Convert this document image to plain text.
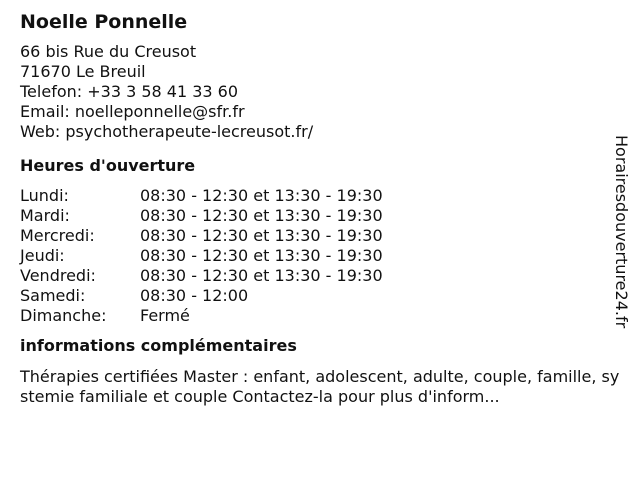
Noelle Ponnelle
66 bis Rue du Creusot
71670 Le Breuil
Telefon: +33 3 58 41 33 60
Email: noelleponnelle@sfr.fr
Web: psychotherapeute-lecreusot.fr/
Heures d'ouverture
Lundi:	08:30 - 12:30 et 13:30 - 19:30
Mardi:	08:30 - 12:30 et 13:30 - 19:30
Mercredi:	08:30 - 12:30 et 13:30 - 19:30
Jeudi:	08:30 - 12:30 et 13:30 - 19:30
Vendredi:	08:30 - 12:30 et 13:30 - 19:30
Samedi:	08:30 - 12:00
Dimanche:	Fermé
informations complémentaires
Thérapies certifiées Master : enfant, adolescent, adulte, couple, famille, systemie familiale et couple Contactez-la pour plus d'inform...
Horairesdouverture24.fr
